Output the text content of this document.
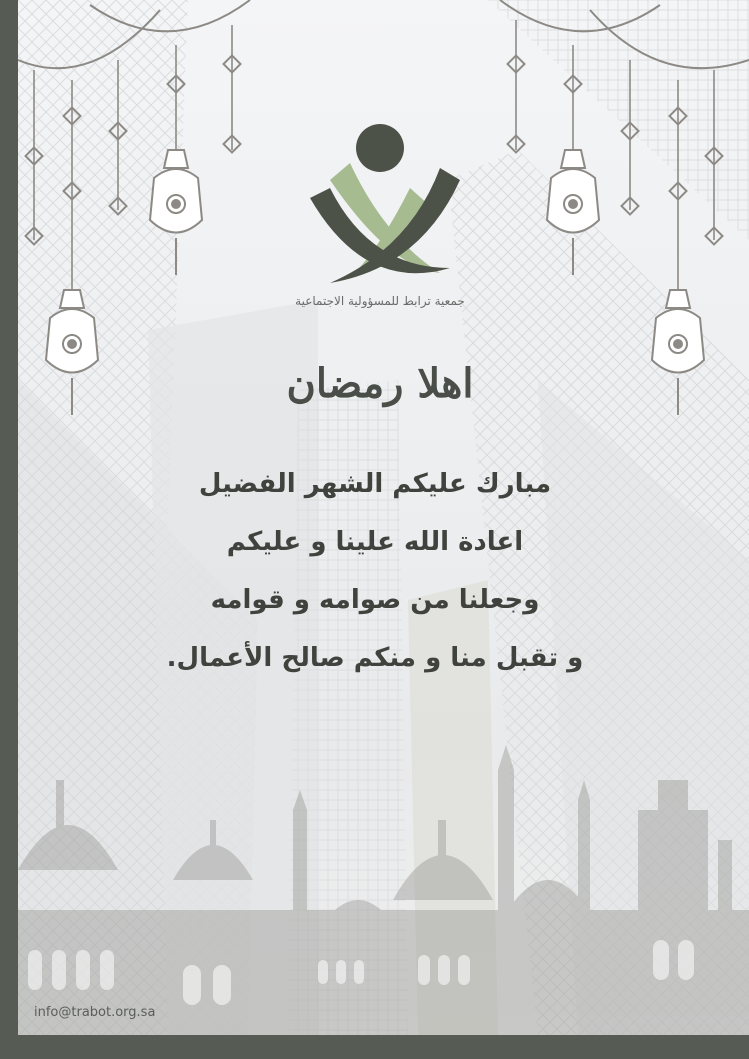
جمعية ترابط للمسؤولية الاجتماعية
اهلا رمضان
مبارك عليكم الشهر الفضيل
اعادة الله علينا و عليكم
وجعلنا من صوامه و قوامه
و تقبل منا و منكم صالح الأعمال.
info@trabot.org.sa
